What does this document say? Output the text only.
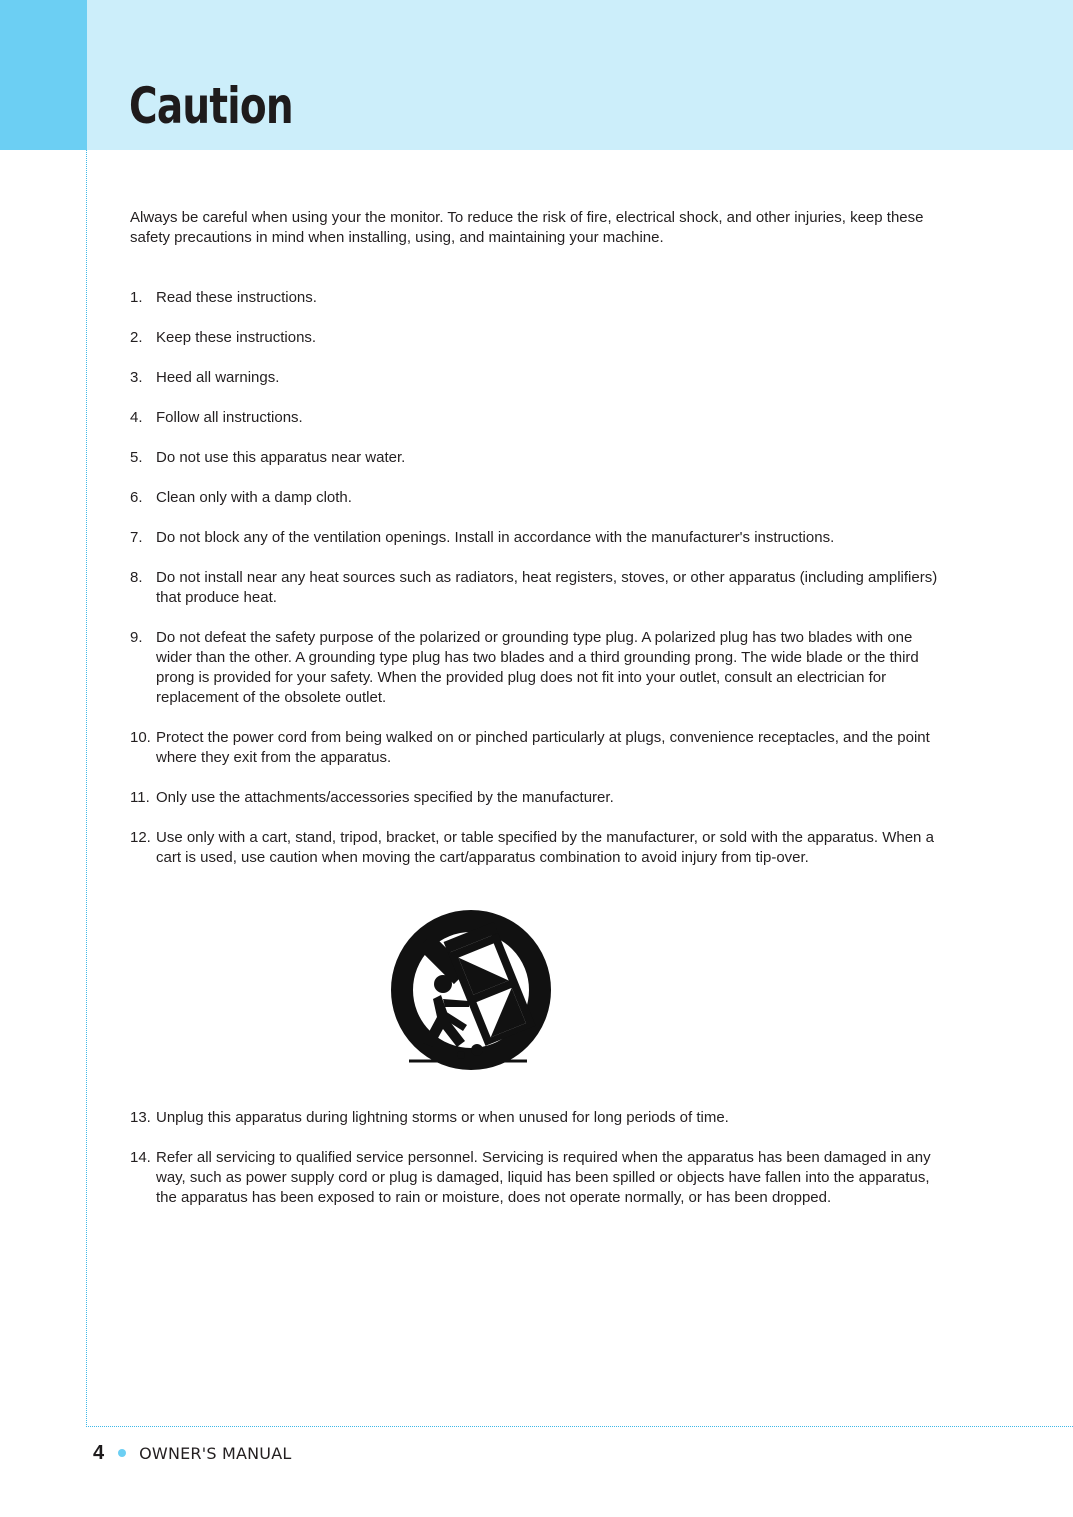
Caution

Always be careful when using your the monitor. To reduce the risk of fire, electrical shock, and other injuries, keep these safety precautions in mind when installing, using, and maintaining your machine.

1. Read these instructions.
2. Keep these instructions.
3. Heed all warnings.
4. Follow all instructions.
5. Do not use this apparatus near water.
6. Clean only with a damp cloth.
7. Do not block any of the ventilation openings. Install in accordance with the manufacturer's instructions.
8. Do not install near any heat sources such as radiators, heat registers, stoves, or other apparatus (including amplifiers) that produce heat.
9. Do not defeat the safety purpose of the polarized or grounding type plug. A polarized plug has two blades with one wider than the other. A grounding type plug has two blades and a third grounding prong. The wide blade or the third prong is provided for your safety. When the provided plug does not fit into your outlet, consult an electrician for replacement of the obsolete outlet.
10. Protect the power cord from being walked on or pinched particularly at plugs, convenience receptacles, and the point where they exit from the apparatus.
11. Only use the attachments/accessories specified by the manufacturer.
12. Use only with a cart, stand, tripod, bracket, or table specified by the manufacturer, or sold with the apparatus. When a cart is used, use caution when moving the cart/apparatus combination to avoid injury from tip-over.
13. Unplug this apparatus during lightning storms or when unused for long periods of time.
14. Refer all servicing to qualified service personnel. Servicing is required when the apparatus has been damaged in any way, such as power supply cord or plug is damaged, liquid has been spilled or objects have fallen into the apparatus, the apparatus has been exposed to rain or moisture, does not operate normally, or has been dropped.
4 OWNER'S MANUAL
